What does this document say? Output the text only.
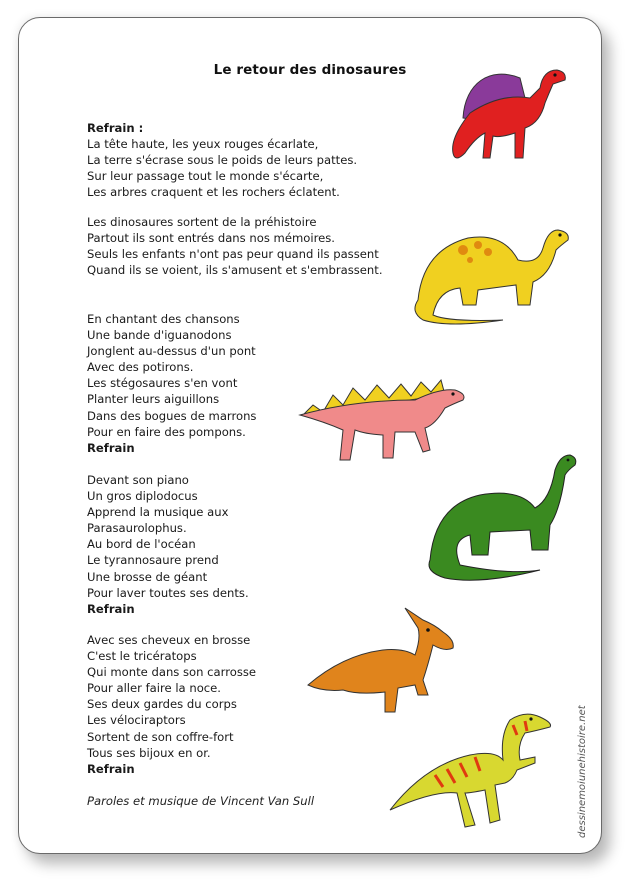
Le retour des dinosaures
Refrain :
La tête haute, les yeux rouges écarlate,
La terre s'écrase sous le poids de leurs pattes.
Sur leur passage tout le monde s'écarte,
Les arbres craquent et les rochers éclatent.
Les dinosaures sortent de la préhistoire
Partout ils sont entrés dans nos mémoires.
Seuls les enfants n'ont pas peur quand ils passent
Quand ils se voient, ils s'amusent et s'embrassent.
En chantant des chansons
Une bande d'iguanodons
Jonglent au-dessus d'un pont
Avec des potirons.
Les stégosaures s'en vont
Planter leurs aiguillons
Dans des bogues de marrons
Pour en faire des pompons.
Refrain
Devant son piano
Un gros diplodocus
Apprend la musique aux
Parasaurolophus.
Au bord de l'océan
Le tyrannosaure prend
Une brosse de géant
Pour laver toutes ses dents.
Refrain
Avec ses cheveux en brosse
C'est le tricératops
Qui monte dans son carrosse
Pour aller faire la noce.
Ses deux gardes du corps
Les vélociraptors
Sortent de son coffre-fort
Tous ses bijoux en or.
Refrain
Paroles et musique de Vincent Van Sull	dessinemoiunehistoire.net
